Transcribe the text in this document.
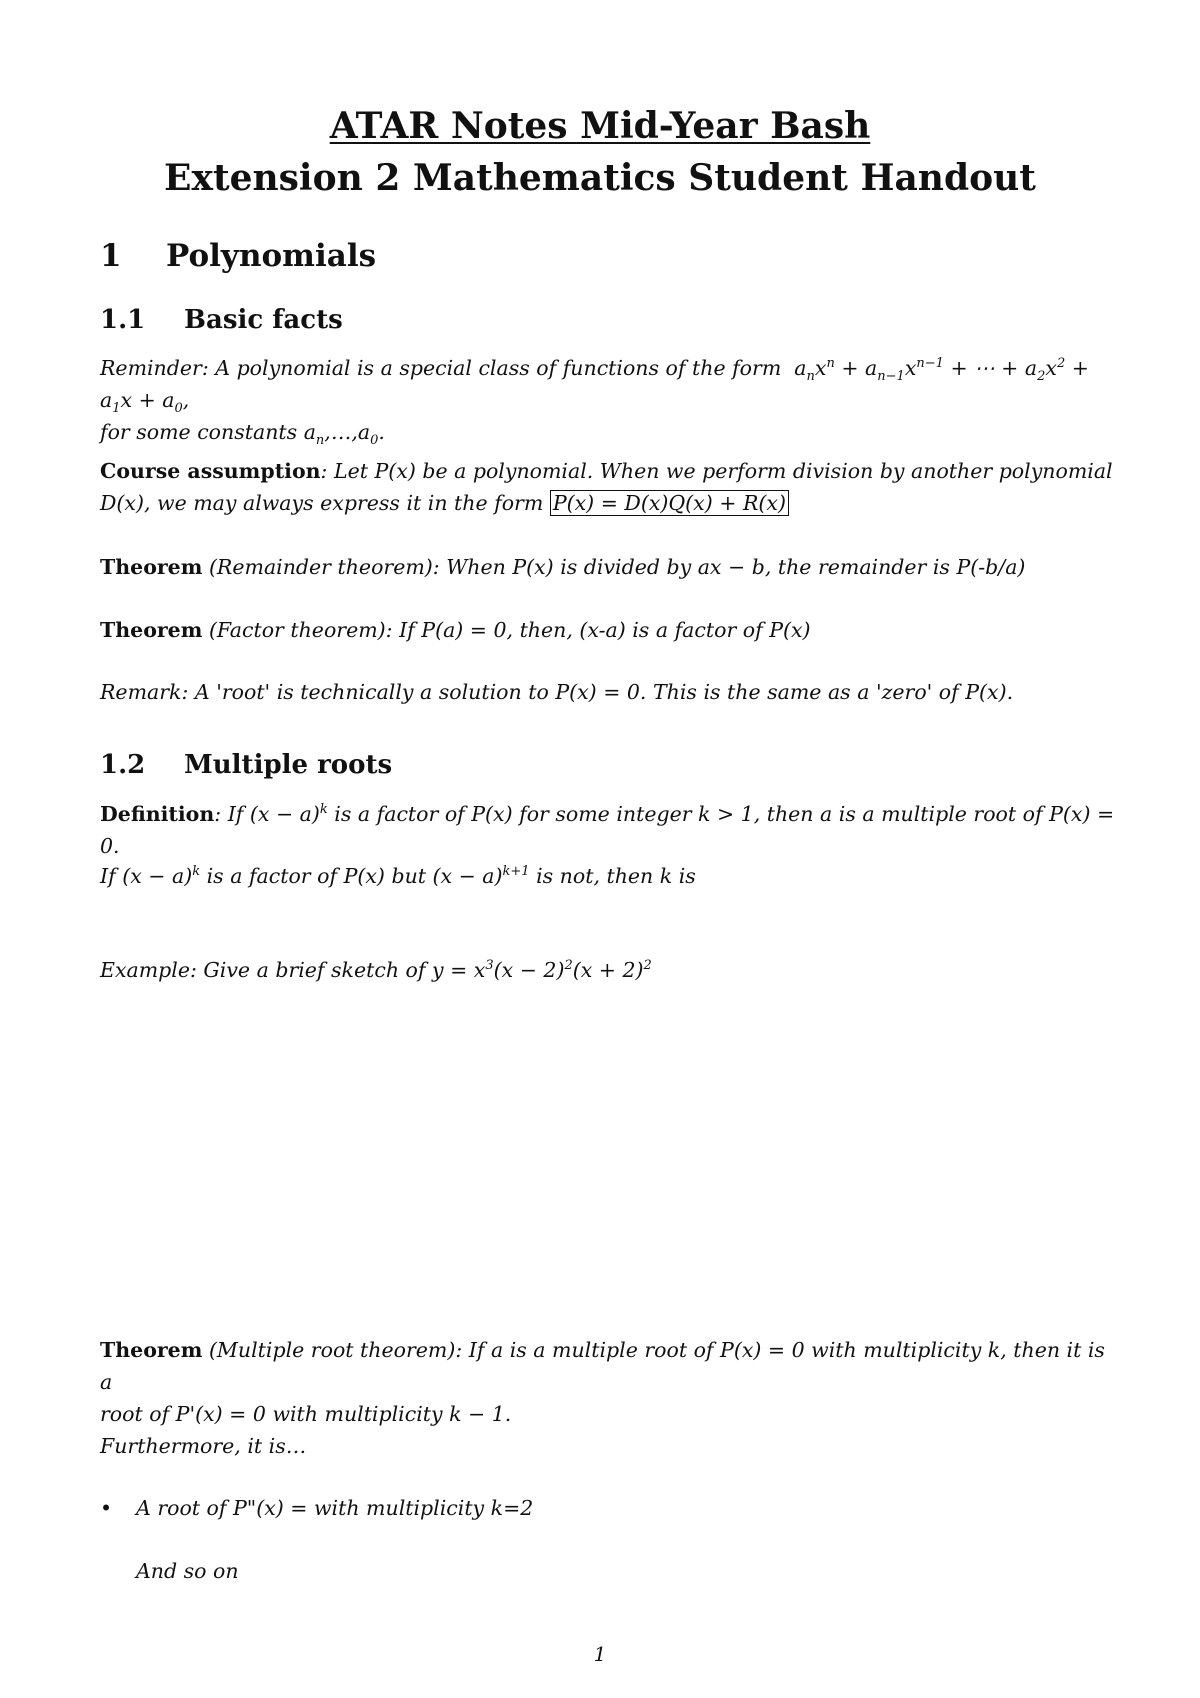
ATAR Notes Mid-Year Bash
Extension 2 Mathematics Student Handout
1 Polynomials
1.1 Basic facts
Reminder: A polynomial is a special class of functions of the form  $a_nx^n + a_{n-1}x^{n-1}$ + ⋯ + $a_2x^2 + a_1x + a_0$,
for some constants $a_n,\dots,a_0$.
Course assumption: Let P(x) be a polynomial. When we perform division by another polynomial
D(x), we may always express it in the form P(x) = D(x)Q(x) + R(x)
Theorem (Remainder theorem): When P(x) is divided by ax − b, the remainder is P(-b/a)
Theorem (Factor theorem): If P(a) = 0, then, (x-a) is a factor of P(x)
Remark: A 'root' is technically a solution to P(x) = 0. This is the same as a 'zero' of P(x).
1.2 Multiple roots
Definition: If $(x - a)^k$ is a factor of P(x) for some integer k > 1, then a is a multiple root of P(x) = 0.
If $(x - a)^k$ is a factor of P(x) but $(x - a)^{k+1}$ is not, then k is
Example: Give a brief sketch of $y = x^3(x - 2)^2(x + 2)^2$
Theorem (Multiple root theorem): If a is a multiple root of P(x) = 0 with multiplicity k, then it is a
root of P'(x) = 0 with multiplicity k − 1.
Furthermore, it is…
• A root of P"(x) = with multiplicity k=2
And so on
1
